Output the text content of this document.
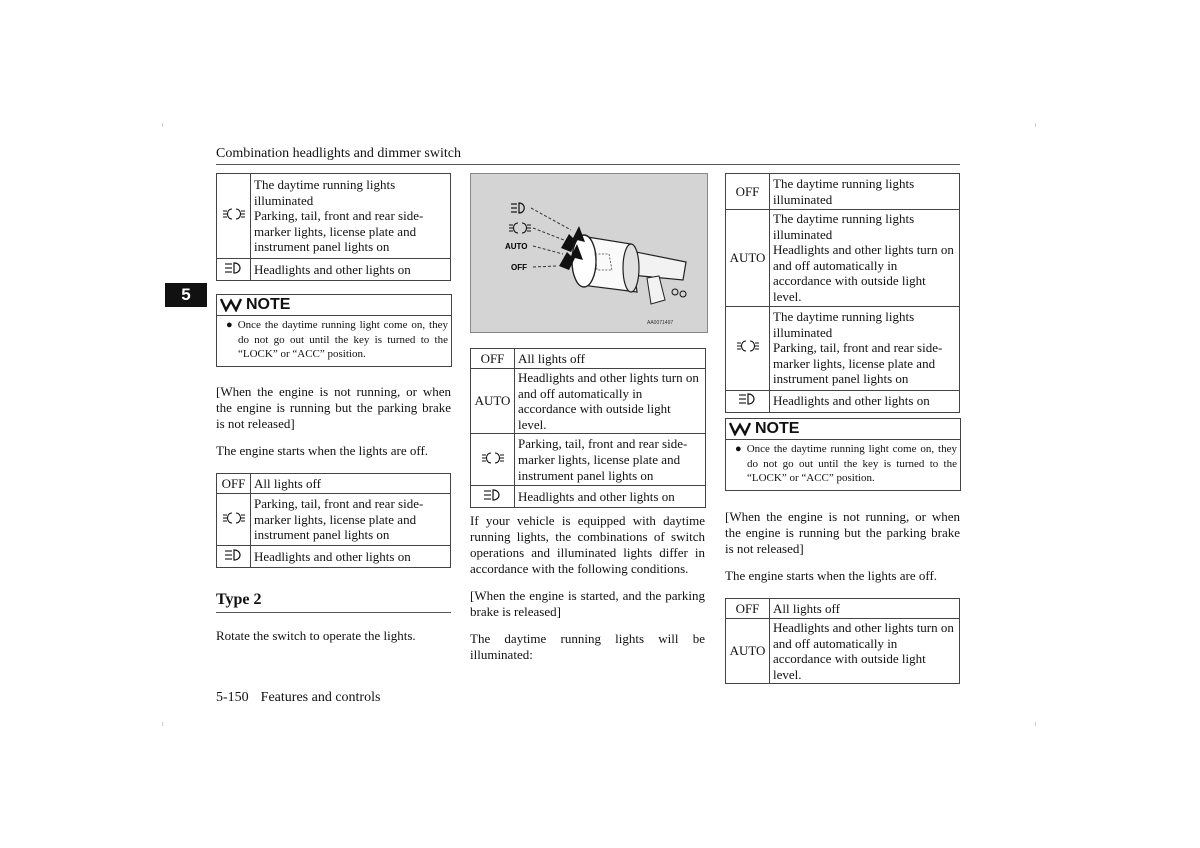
Combination headlights and dimmer switch
5
	The daytime running lights illuminated
Parking, tail, front and rear side-marker lights, license plate and instrument panel lights on
	Headlights and other lights on
NOTE
● Once the daytime running light come on, they do not go out until the key is turned to the “LOCK” or “ACC” position.

[When the engine is not running, or when the engine is running but the parking brake is not released]

The engine starts when the lights are off.

OFF	All lights off
	Parking, tail, front and rear side-marker lights, license plate and instrument panel lights on
	Headlights and other lights on
Type 2

Rotate the switch to operate the lights.

AUTO
OFF
AA0071497
OFF	All lights off
AUTO	Headlights and other lights turn on and off automatically in accordance with outside light level.
	Parking, tail, front and rear side-marker lights, license plate and instrument panel lights on
	Headlights and other lights on

If your vehicle is equipped with daytime running lights, the combinations of switch operations and illuminated lights differ in accordance with the following conditions.

[When the engine is started, and the parking brake is released]

The daytime running lights will be illuminated:

OFF	The daytime running lights illuminated
AUTO	The daytime running lights illuminated
Headlights and other lights turn on and off automatically in accordance with outside light level.
	The daytime running lights illuminated
Parking, tail, front and rear side-marker lights, license plate and instrument panel lights on
	Headlights and other lights on
NOTE
● Once the daytime running light come on, they do not go out until the key is turned to the “LOCK” or “ACC” position.

[When the engine is not running, or when the engine is running but the parking brake is not released]

The engine starts when the lights are off.

OFF	All lights off
AUTO	Headlights and other lights turn on and off automatically in accordance with outside light level.
5-150 Features and controls
